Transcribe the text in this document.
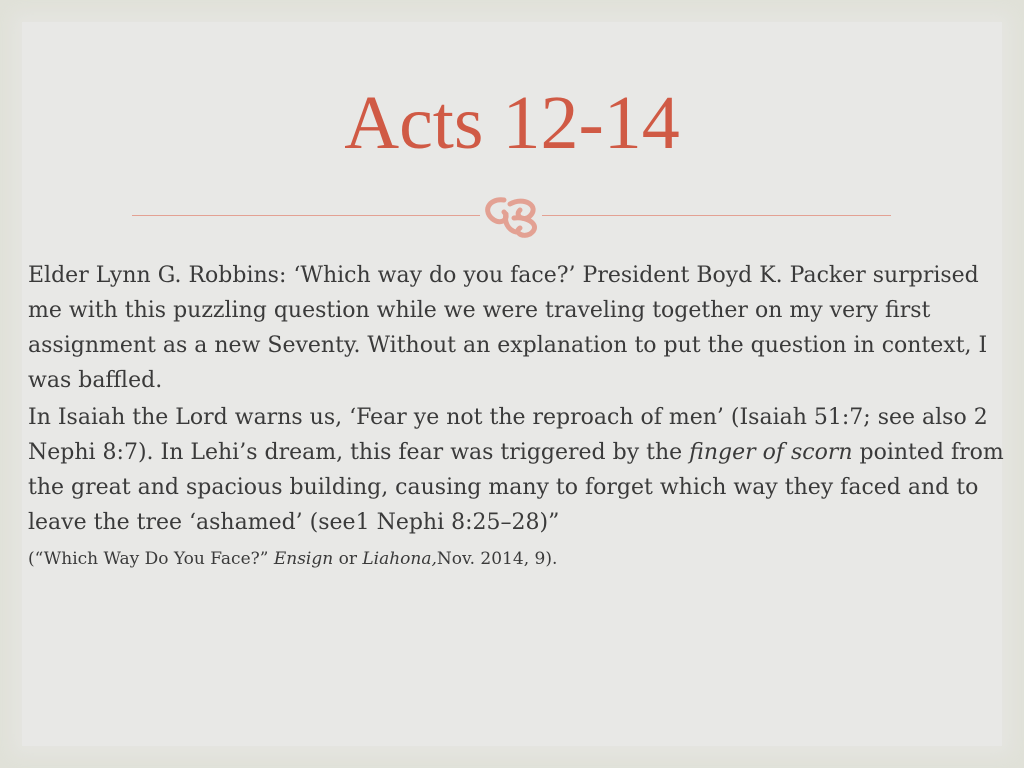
Acts 12-14

Elder Lynn G. Robbins: ‘Which way do you face?’ President Boyd K. Packer surprised me with this puzzling question while we were traveling together on my very first assignment as a new Seventy. Without an explanation to put the question in context, I was baffled.

In Isaiah the Lord warns us, ‘Fear ye not the reproach of men’ (Isaiah 51:7; see also 2 Nephi 8:7). In Lehi’s dream, this fear was triggered by the finger of scorn pointed from the great and spacious building, causing many to forget which way they faced and to leave the tree ‘ashamed’ (see1 Nephi 8:25–28)”
(“Which Way Do You Face?” Ensign or Liahona,Nov. 2014, 9).
